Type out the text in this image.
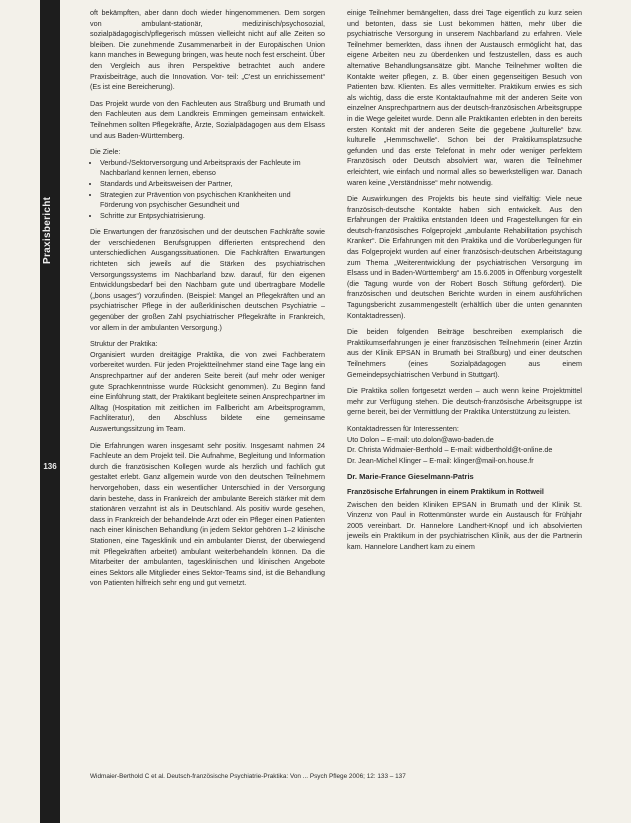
Praxisbericht
136

oft bekämpften, aber dann doch wieder hingenommenen. Dem sorgen von ambulant-stationär, medizinisch/psychosozial, sozialpädagogisch/pflegerisch müssen vielleicht nicht auf alle Zeiten so bleiben. Die zunehmende Zusammenarbeit in der Europäischen Union kann manches in Bewegung bringen, was heute noch fest erscheint. Über den Vergleich aus ihren Perspektive betrachtet auch andere Praxisbeiträge, auch die Innovation. Vor- teil: „C'est un enrichissement“ (Es ist eine Bereicherung).

Das Projekt wurde von den Fachleuten aus Straßburg und Brumath und den Fachleuten aus dem Landkreis Emmingen gemeinsam entwickelt. Teilnehmen sollten Pflegekräfte, Ärzte, Sozialpädagogen aus dem Elsass und aus Baden-Württemberg.

Die Ziele:

• Verbund-/Sektorversorgung und Arbeitspraxis der Fachleute im Nachbarland kennen lernen, ebenso
• Standards und Arbeitsweisen der Partner,
• Strategien zur Prävention von psychischen Krankheiten und Förderung von psychischer Gesundheit und
• Schritte zur Entpsychiatrisierung.

Die Erwartungen der französischen und der deutschen Fachkräfte sowie der verschiedenen Berufsgruppen differierten entsprechend den unterschiedlichen Ausgangssituationen. Die Fachkräften Erwartungen richteten sich jeweils auf die Stärken des psychiatrischen Versorgungssystems im Nachbarland bzw. darauf, für den eigenen Entwicklungsbedarf bei den Nachbarn gute und übertragbare Modelle („bons usages“) vorzufinden. (Beispiel: Mangel an Pflegekräften und an psychiatrischer Pflege in der außerklinischen deutschen Psychiatrie – gegenüber der großen Zahl psychiatrischer Pflegekräfte in Frankreich, vor allem in der ambulanten Versorgung.)

Struktur der Praktika:
Organisiert wurden dreitägige Praktika, die von zwei Fachberatern vorbereitet wurden. Für jeden Projektteilnehmer stand eine Tage lang ein Ansprechpartner auf der anderen Seite bereit (auf mehr oder weniger gute Sprachkenntnisse wurde Rücksicht genommen). Zu Beginn fand eine Einführung statt, der Praktikant begleitete seinen Ansprechpartner im Alltag (Hospitation mit zeitlichen im Fallbericht am Arbeitsprogramm, Fachliteratur), den Abschluss bildete eine gemeinsame Auswertungssitzung im Team.

Die Erfahrungen waren insgesamt sehr positiv. Insgesamt nahmen 24 Fachleute an dem Projekt teil. Die Aufnahme, Begleitung und Information durch die französischen Kollegen wurde als herzlich und fachlich gut gestaltet erlebt. Ganz allgemein wurde von den deutschen Teilnehmern hervorgehoben, dass ein wesentlicher Unterschied in der Versorgung darin bestehe, dass in Frankreich der ambulante Bereich stärker mit dem stationären verzahnt ist als in Deutschland. Als positiv wurde gesehen, dass in Frankreich der behandelnde Arzt oder ein Pfleger einen Patienten nach einer klinischen Behandlung (in jedem Sektor gehören 1–2 klinische Stationen, eine Tagesklinik und ein ambulanter Dienst, der überwiegend mit Pflegekräften arbeitet) ambulant weiterbehandeln können. Da die Mitarbeiter der ambulanten, tagesklinischen und klinischen Angebote eines Sektors alle Mitglieder eines Sektor-Teams sind, ist die Behandlung von Patienten hilfreich sehr eng und gut vernetzt.

einige Teilnehmer bemängelten, dass drei Tage eigentlich zu kurz seien und betonten, dass sie Lust bekommen hätten, mehr über die psychiatrische Versorgung in unserem Nachbarland zu erfahren. Viele Teilnehmer bemerkten, dass ihnen der Austausch ermöglicht hat, das eigene Arbeiten neu zu überdenken und festzustellen, dass es auch alternative Behandlungsansätze gibt. Manche Teilnehmer wollten die Kontakte weiter pflegen, z. B. über einen gegenseitigen Besuch von Patienten bzw. Klienten. Es alles vermittelter. Praktikum erwies es sich als wichtig, dass die erste Kontaktaufnahme mit der anderen Seite von einzelner Ansprechpartnern aus der deutsch-französischen Arbeitsgruppe in die Wege geleitet wurde. Denn alle Praktikanten erlebten in den bereits ersten Kontakt mit der anderen Seite die gegebene „kulturelle“ bzw. kulturelle „Hemmschwelle“. Schon bei der Praktikumsplatzsuche gefunden und das erste Telefonat in mehr oder weniger perfektem Französisch oder Deutsch absolviert war, waren die Teilnehmer erleichtert, wie einfach und normal alles so bewerkstelligen war. Danach waren keine „Verständnisse“ mehr notwendig.

Die Auswirkungen des Projekts bis heute sind vielfältig: Viele neue französisch-deutsche Kontakte haben sich entwickelt. Aus den Erfahrungen der Praktika entstanden Ideen und Fragestellungen für ein deutsch-französisches Folgeprojekt „ambulante Rehabilitation psychisch Kranker“. Die Erfahrungen mit den Praktika und die Vorüberlegungen für das Folgeprojekt wurden auf einer französisch-deutschen Arbeitstagung zum Thema „Weiterentwicklung der psychiatrischen Versorgung im Elsass und in Baden-Württemberg“ am 15.6.2005 in Offenburg vorgestellt (die Tagung wurde von der Robert Bosch Stiftung gefördert). Die französischen und deutschen Berichte wurden in einem ausführlichen Tagungsbericht zusammengestellt (erhältlich über die unten genannten Kontaktadressen).

Die beiden folgenden Beiträge beschreiben exemplarisch die Praktikumserfahrungen je einer französischen Teilnehmerin (einer Ärztin aus der Klinik EPSAN in Brumath bei Straßburg) und einer deutschen Teilnehmers (eines Sozialpädagogen aus einem Gemeindepsychiatrischen Verbund in Stuttgart).

Die Praktika sollen fortgesetzt werden – auch wenn keine Projektmittel mehr zur Verfügung stehen. Die deutsch-französische Arbeitsgruppe ist gerne bereit, bei der Vermittlung der Praktika Unterstützung zu leisten.

Kontaktadressen für Interessenten:

Uto Dolon – E-mail: uto.dolon@awo-baden.de

Dr. Christa Widmaier-Berthold – E-mail: widberthold@t-online.de

Dr. Jean-Michel Klinger – E-mail: klinger@mail-on.house.fr

Dr. Marie-France Gieselmann-Patris

Französische Erfahrungen in einem Praktikum in Rottweil

Zwischen den beiden Kliniken EPSAN in Brumath und der Klinik St. Vinzenz von Paul in Rottenmünster wurde ein Austausch für Frühjahr 2005 vereinbart. Dr. Hannelore Landhert-Knopf und ich absolvierten jeweils ein Praktikum in der psychiatrischen Klinik, aus der die Partnerin kam. Hannelore Landhert kam zu einem

Widmaier-Berthold C et al. Deutsch-französische Psychiatrie-Praktika: Von ... Psych Pflege 2006; 12: 133 – 137
